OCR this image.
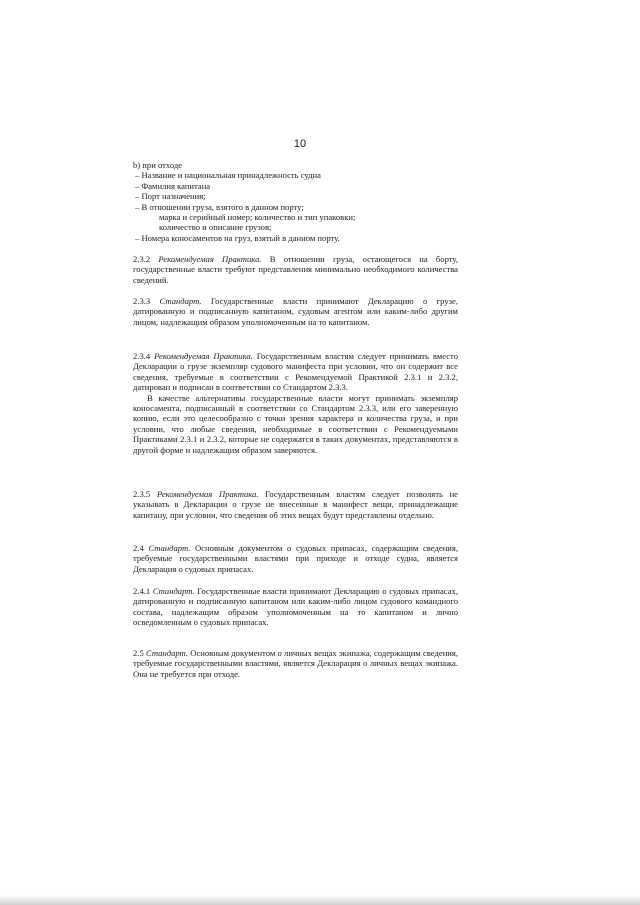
10

b) при отходе

– Название и национальная принадлежность судна
– Фамилия капитана
– Порт назначения;
– В отношении груза, взятого в данном порту;
марка и серийный номер; количество и тип упаковки;
количество и описание грузов;
– Номера коносаментов на груз, взятый в данном порту.

2.3.2 Рекомендуемая Практика. В отношении груза, остающегося на борту, государственные власти требуют представления минимально необходимого количества сведений.

2.3.3 Стандарт. Государственные власти принимают Декларацию о грузе, датированную и подписанную капитаном, судовым агентом или каким-либо другим лицом, надлежащим образом уполномоченным на то капитаном.

2.3.4 Рекомендуемая Практика. Государственным властям следует принимать вместо Декларации о грузе экземпляр судового манифеста при условии, что он содержит все сведения, требуемые в соответствии с Рекомендуемой Практикой 2.3.1 и 2.3.2, датирован и подписан в соответствии со Стандартом 2.3.3.

В качестве альтернативы государственные власти могут принимать экземпляр коносамента, подписанный в соответствии со Стандартом 2.3.3, или его заверенную копию, если это целесообразно с точки зрения характера и количества груза, и при условии, что любые сведения, необходимые в соответствии с Рекомендуемыми Практиками 2.3.1 и 2.3.2, которые не содержатся в таких документах, представляются в другой форме и надлежащим образом заверяются.

2.3.5 Рекомендуемая Практика. Государственным властям следует позволять не указывать в Декларации о грузе не внесенные в манифест вещи, принадлежащие капитану, при условии, что сведения об этих вещах будут представлены отдельно.

2.4 Стандарт. Основным документом о судовых припасах, содержащим сведения, требуемые государственными властями при приходе и отходе судна, является Декларация о судовых припасах.

2.4.1 Стандарт. Государственные власти принимают Декларацию о судовых припасах, датированную и подписанную капитаном или каким-либо лицом судового командного состава, надлежащим образом уполномоченным на то капитаном и лично осведомленным о судовых припасах.

2.5 Стандарт. Основным документом о личных вещах экипажа, содержащим сведения, требуемые государственными властями, является Декларация о личных вещах экипажа. Она не требуется при отходе.
